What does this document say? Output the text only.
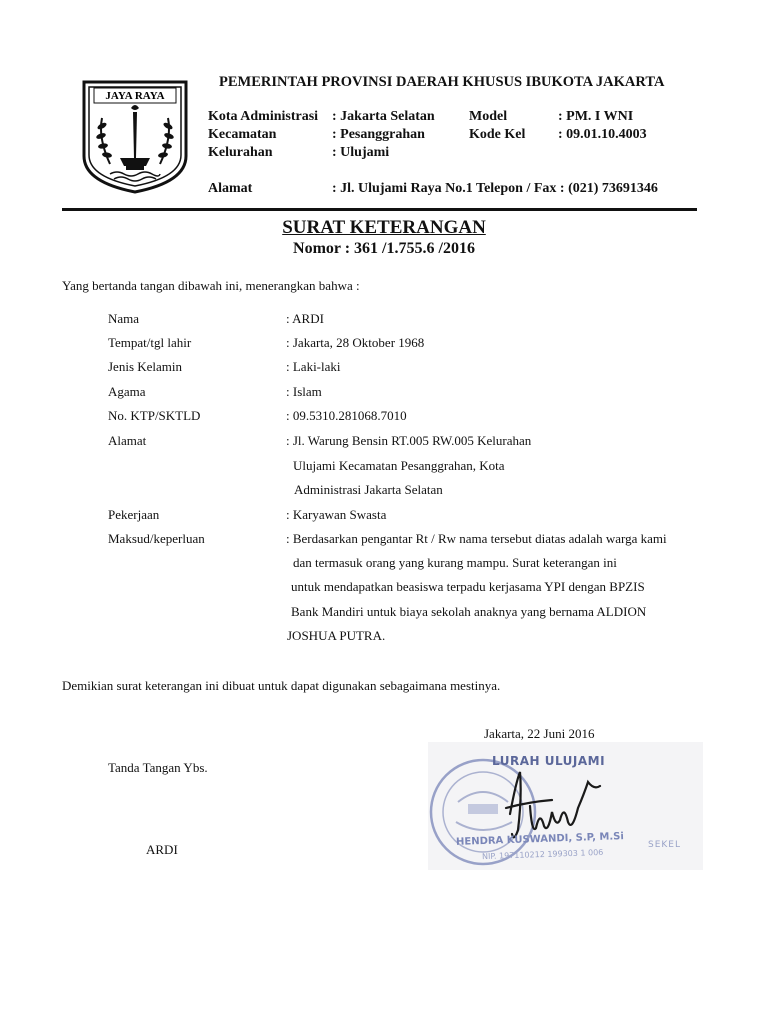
JAYA RAYA
PEMERINTAH PROVINSI DAERAH KHUSUS IBUKOTA JAKARTA
Kota Administrasi : Jakarta Selatan Model	: PM. I WNI
Kecamatan	: Pesanggrahan	Kode Kel : 09.01.10.4003
Kelurahan	: Ulujami
Alamat	: Jl. Ulujami Raya No.1 Telepon / Fax : (021) 73691346
SURAT KETERANGAN
Nomor : 361 /1.755.6 /2016
Yang bertanda tangan dibawah ini, menerangkan bahwa :
Nama	: ARDI
Tempat/tgl lahir	: Jakarta, 28 Oktober 1968
Jenis Kelamin	: Laki-laki
Agama	: Islam
No. KTP/SKTLD	: 09.5310.281068.7010
Alamat	: Jl. Warung Bensin RT.005 RW.005 Kelurahan
Ulujami Kecamatan Pesanggrahan, Kota
Administrasi Jakarta Selatan
Pekerjaan	: Karyawan Swasta
Maksud/keperluan	: Berdasarkan pengantar Rt / Rw nama tersebut diatas adalah warga kami
dan termasuk orang yang kurang mampu. Surat keterangan ini
untuk mendapatkan beasiswa terpadu kerjasama YPI dengan BPZIS
Bank Mandiri untuk biaya sekolah anaknya yang bernama ALDION
JOSHUA PUTRA.
Demikian surat keterangan ini dibuat untuk dapat digunakan sebagaimana mestinya.
Jakarta, 22 Juni 2016
Tanda Tangan Ybs.
ARDI
LURAH ULUJAMI
HENDRA KUSWANDI, S.P, M.Si
NIP. 197110212 199303 1 006
SEKEL
